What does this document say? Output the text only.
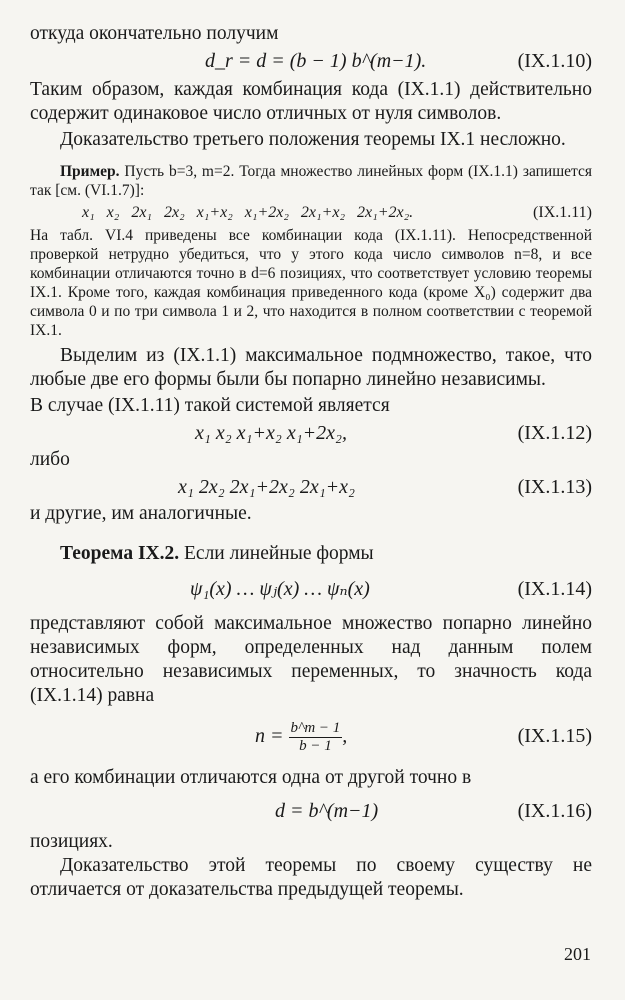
откуда окончательно получим

d_r = d = (b − 1) b^(m−1).	(IX.1.10)

Таким образом, каждая комбинация кода (IX.1.1) действительно содержит одинаковое число отличных от нуля символов.

Доказательство третьего положения теоремы IX.1 несложно.

Пример. Пусть b=3, m=2. Тогда множество линейных форм (IX.1.1) запишется так [см. (VI.1.7)]:

x₁ x₂ 2x₁ 2x₂ x₁+x₂ x₁+2x₂ 2x₁+x₂ 2x₁+2x₂.	(IX.1.11)

На табл. VI.4 приведены все комбинации кода (IX.1.11). Непосредственной проверкой нетрудно убедиться, что у этого кода число символов n=8, и все комбинации отличаются точно в d=6 позициях, что соответствует условию теоремы IX.1. Кроме того, каждая комбинация приведенного кода (кроме X₀) содержит два символа 0 и по три символа 1 и 2, что находится в полном соответствии с теоремой IX.1.

Выделим из (IX.1.1) максимальное подмножество, такое, что любые две его формы были бы попарно линейно независимы.

В случае (IX.1.11) такой системой является

x₁ x₂ x₁+x₂ x₁+2x₂,	(IX.1.12)

либо

x₁ 2x₂ 2x₁+2x₂ 2x₁+x₂	(IX.1.13)

и другие, им аналогичные.

Теорема IX.2. Если линейные формы

ψ₁(x) … ψⱼ(x) … ψₙ(x)	(IX.1.14)

представляют собой максимальное множество попарно линейно независимых форм, определенных над данным полем относительно независимых переменных, то значность кода (IX.1.14) равна

$n = \frac{b\^{}m - 1}{b - 1}$ ,	(IX.1.15)

а его комбинации отличаются одна от другой точно в

d = b^(m−1)	(IX.1.16)

позициях.

Доказательство этой теоремы по своему существу не отличается от доказательства предыдущей теоремы.

201
